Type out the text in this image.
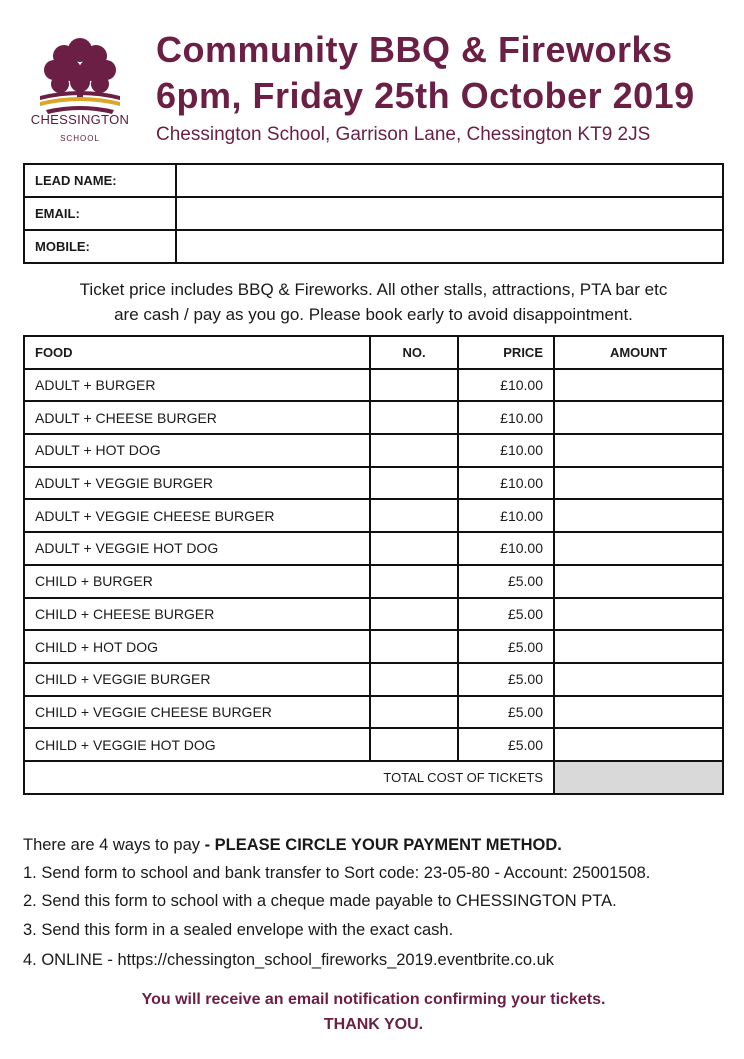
CHESSINGTON
SCHOOL
Community BBQ & Fireworks
6pm, Friday 25th October 2019
Chessington School, Garrison Lane, Chessington KT9 2JS
LEAD NAME:	
EMAIL:	
MOBILE:	
Ticket price includes BBQ & Fireworks. All other stalls, attractions, PTA bar etc
are cash / pay as you go. Please book early to avoid disappointment.
FOOD	NO.	PRICE	AMOUNT
ADULT + BURGER		£10.00	
ADULT + CHEESE BURGER		£10.00	
ADULT + HOT DOG		£10.00	
ADULT + VEGGIE BURGER		£10.00	
ADULT + VEGGIE CHEESE BURGER		£10.00	
ADULT + VEGGIE HOT DOG		£10.00	
CHILD + BURGER		£5.00	
CHILD + CHEESE BURGER		£5.00	
CHILD + HOT DOG		£5.00	
CHILD + VEGGIE BURGER		£5.00	
CHILD + VEGGIE CHEESE BURGER		£5.00	
CHILD + VEGGIE HOT DOG		£5.00	
TOTAL COST OF TICKETS			
There are 4 ways to pay - PLEASE CIRCLE YOUR PAYMENT METHOD.
1. Send form to school and bank transfer to Sort code: 23-05-80 - Account: 25001508.
2. Send this form to school with a cheque made payable to CHESSINGTON PTA.
3. Send this form in a sealed envelope with the exact cash.
4. ONLINE - https://chessington_school_fireworks_2019.eventbrite.co.uk
You will receive an email notification confirming your tickets.
THANK YOU.
